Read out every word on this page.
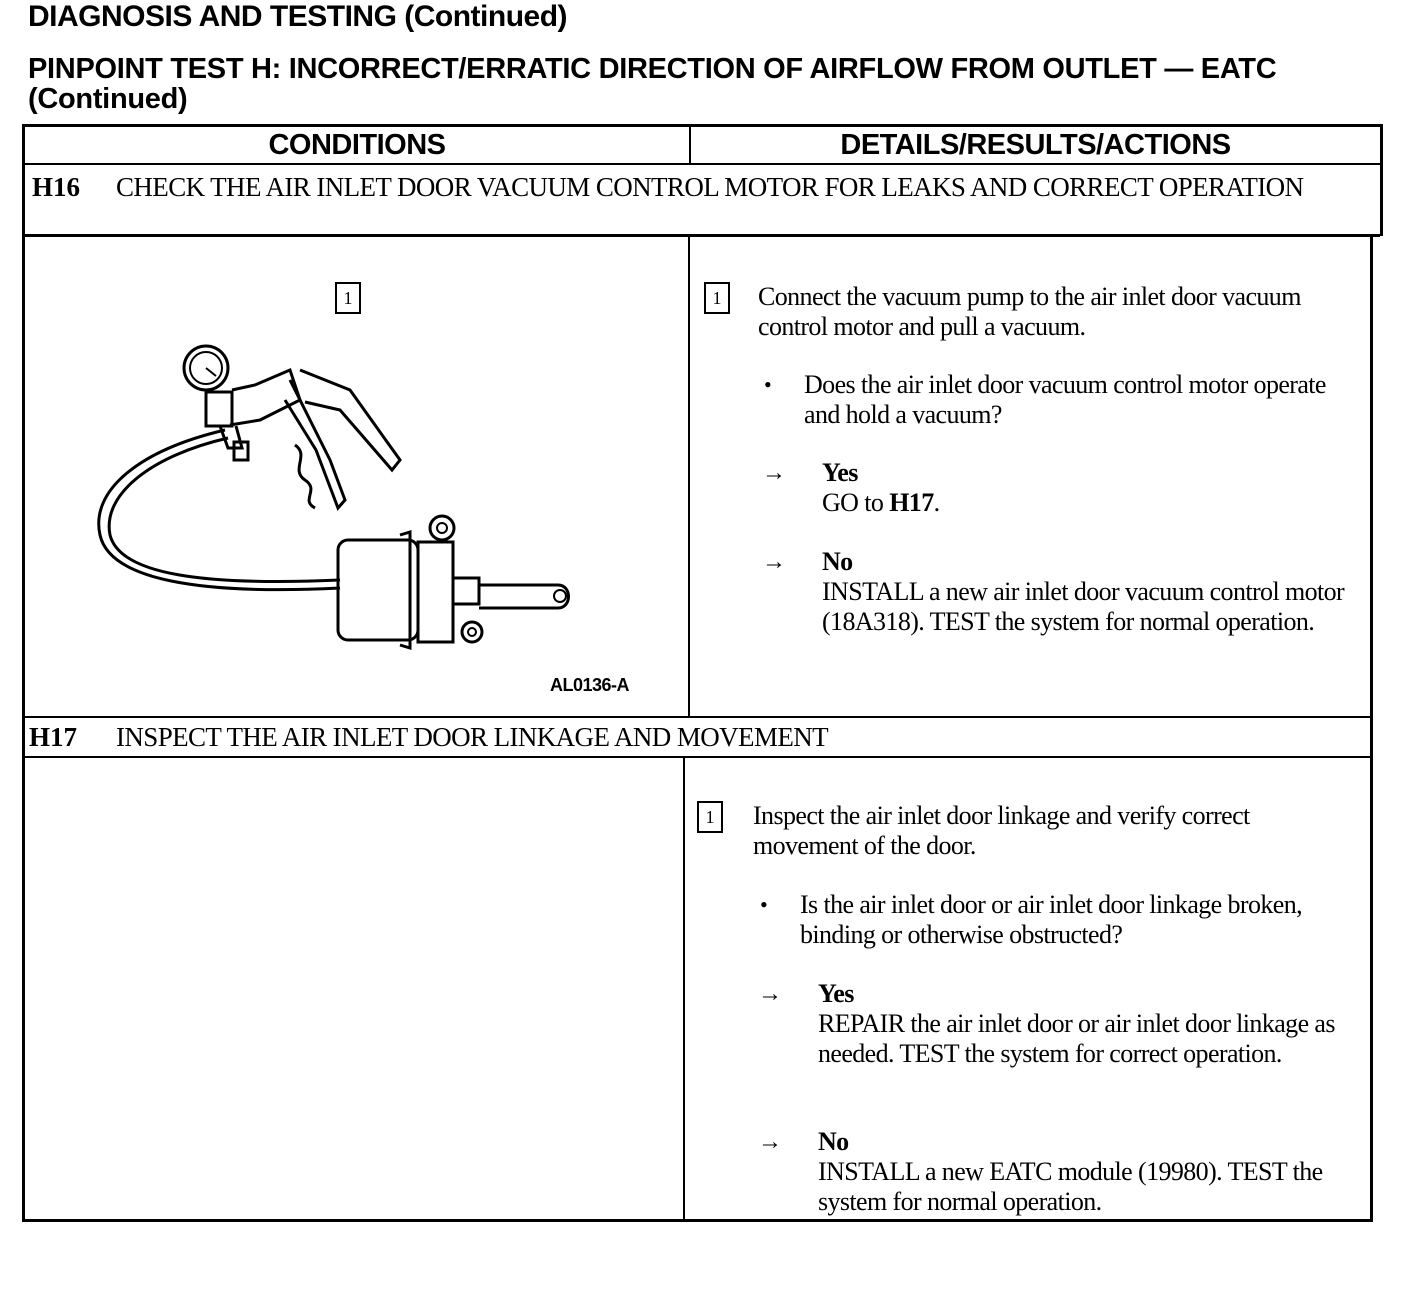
DIAGNOSIS AND TESTING (Continued)
PINPOINT TEST H: INCORRECT/ERRATIC DIRECTION OF AIRFLOW FROM OUTLET — EATC (Continued)
CONDITIONS	DETAILS/RESULTS/ACTIONS
H16 CHECK THE AIR INLET DOOR VACUUM CONTROL MOTOR FOR LEAKS AND CORRECT OPERATION
1
AL0136-A
1	Connect the vacuum pump to the air inlet door vacuum control motor and pull a vacuum.
• Does the air inlet door vacuum control motor operate and hold a vacuum?
→ Yes
GO to H17.
→ No
INSTALL a new air inlet door vacuum control motor (18A318). TEST the system for normal operation.
H17 INSPECT THE AIR INLET DOOR LINKAGE AND MOVEMENT
1	Inspect the air inlet door linkage and verify correct movement of the door.
• Is the air inlet door or air inlet door linkage broken, binding or otherwise obstructed?
→ Yes
REPAIR the air inlet door or air inlet door linkage as needed. TEST the system for correct operation.
→ No
INSTALL a new EATC module (19980). TEST the system for normal operation.
